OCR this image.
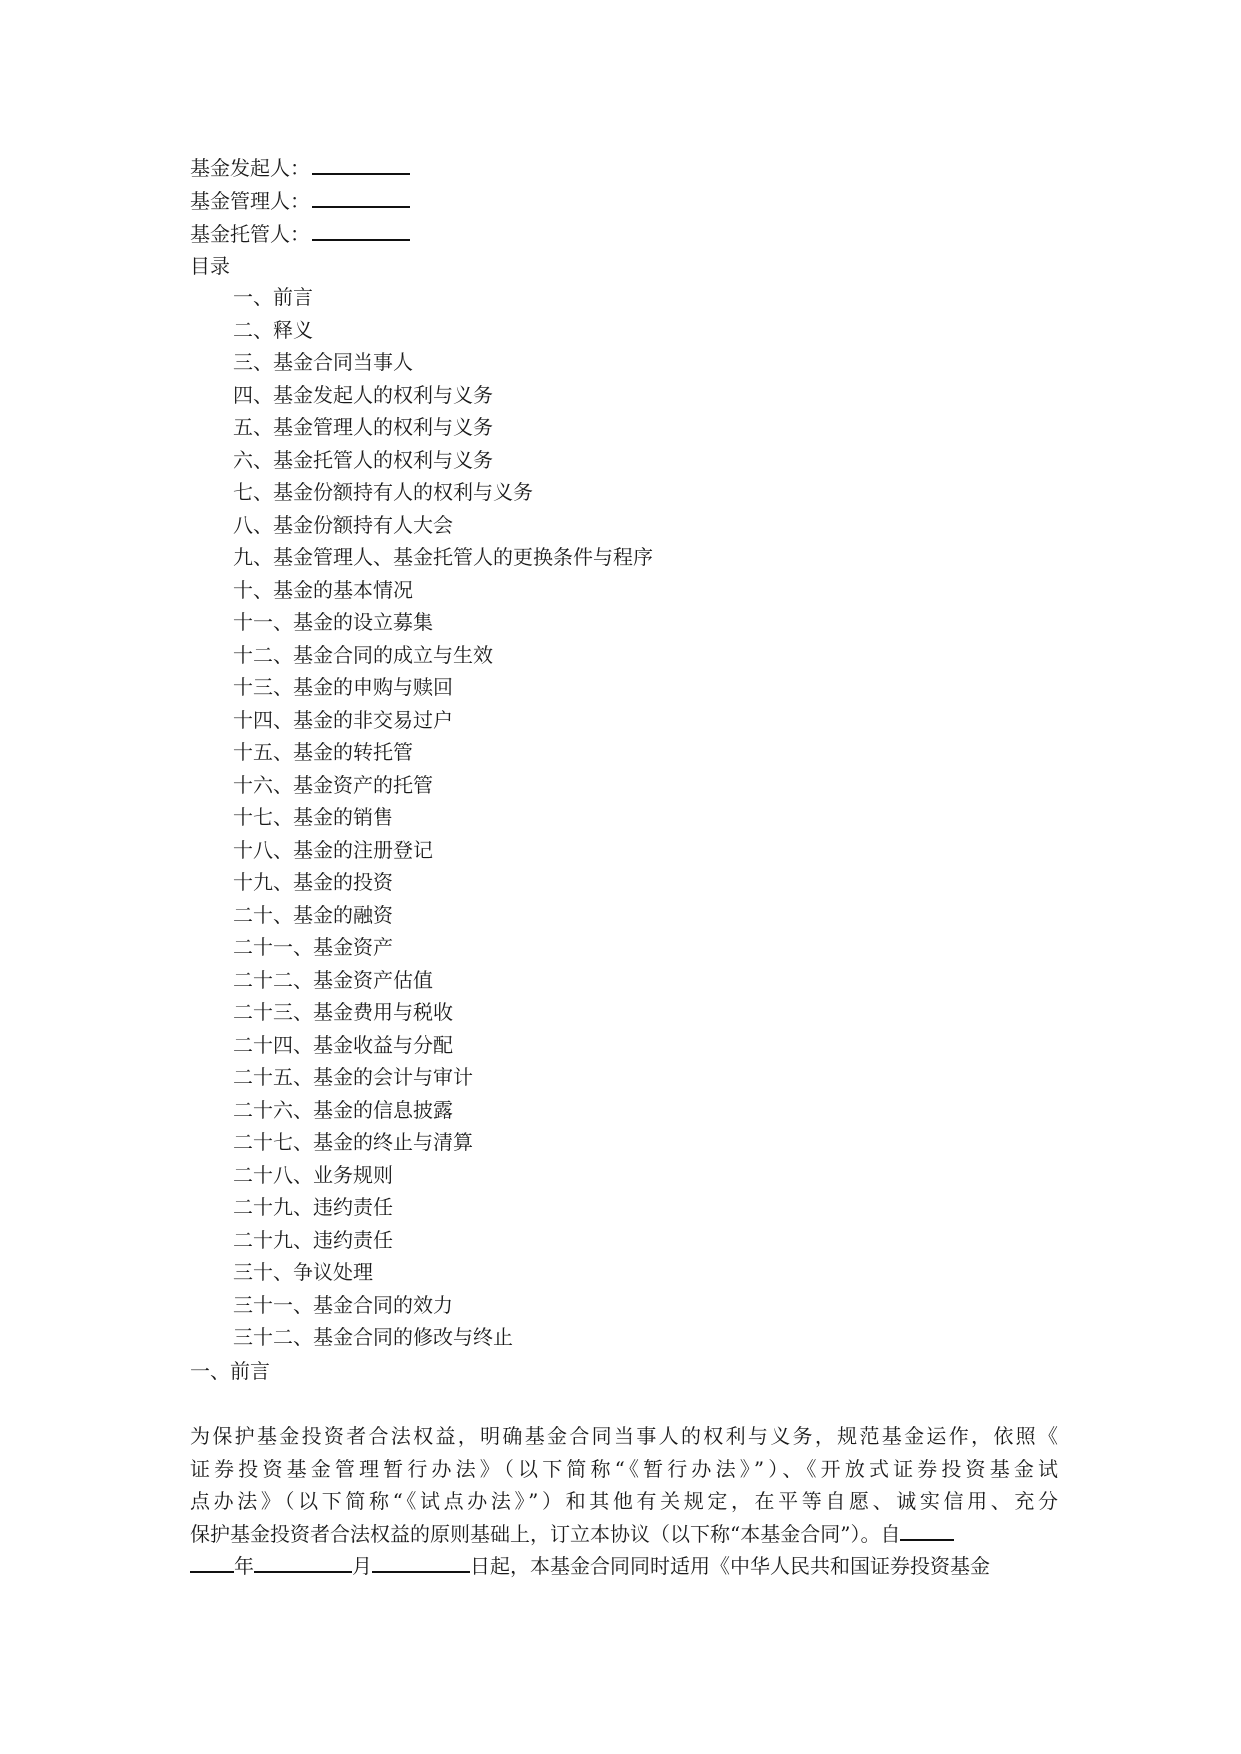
基金发起人：
基金管理人：
基金托管人：
目录
一、前言
二、释义
三、基金合同当事人
四、基金发起人的权利与义务
五、基金管理人的权利与义务
六、基金托管人的权利与义务
七、基金份额持有人的权利与义务
八、基金份额持有人大会
九、基金管理人、基金托管人的更换条件与程序
十、基金的基本情况
十一、基金的设立募集
十二、基金合同的成立与生效
十三、基金的申购与赎回
十四、基金的非交易过户
十五、基金的转托管
十六、基金资产的托管
十七、基金的销售
十八、基金的注册登记
十九、基金的投资
二十、基金的融资
二十一、基金资产
二十二、基金资产估值
二十三、基金费用与税收
二十四、基金收益与分配
二十五、基金的会计与审计
二十六、基金的信息披露
二十七、基金的终止与清算
二十八、业务规则
二十九、违约责任
二十九、违约责任
三十、争议处理
三十一、基金合同的效力
三十二、基金合同的修改与终止
一、前言
为保护基金投资者合法权益，明确基金合同当事人的权利与义务，规范基金运作，依照《
证券投资基金管理暂行办法》（以下简称“《暂行办法》”）、《开放式证券投资基金试
点办法》（以下简称“《试点办法》”）和其他有关规定，在平等自愿、诚实信用、充分
保护基金投资者合法权益的原则基础上，订立本协议（以下称“本基金合同”）。自
年	月	日起，本基金合同同时适用《中华人民共和国证券投资基金
